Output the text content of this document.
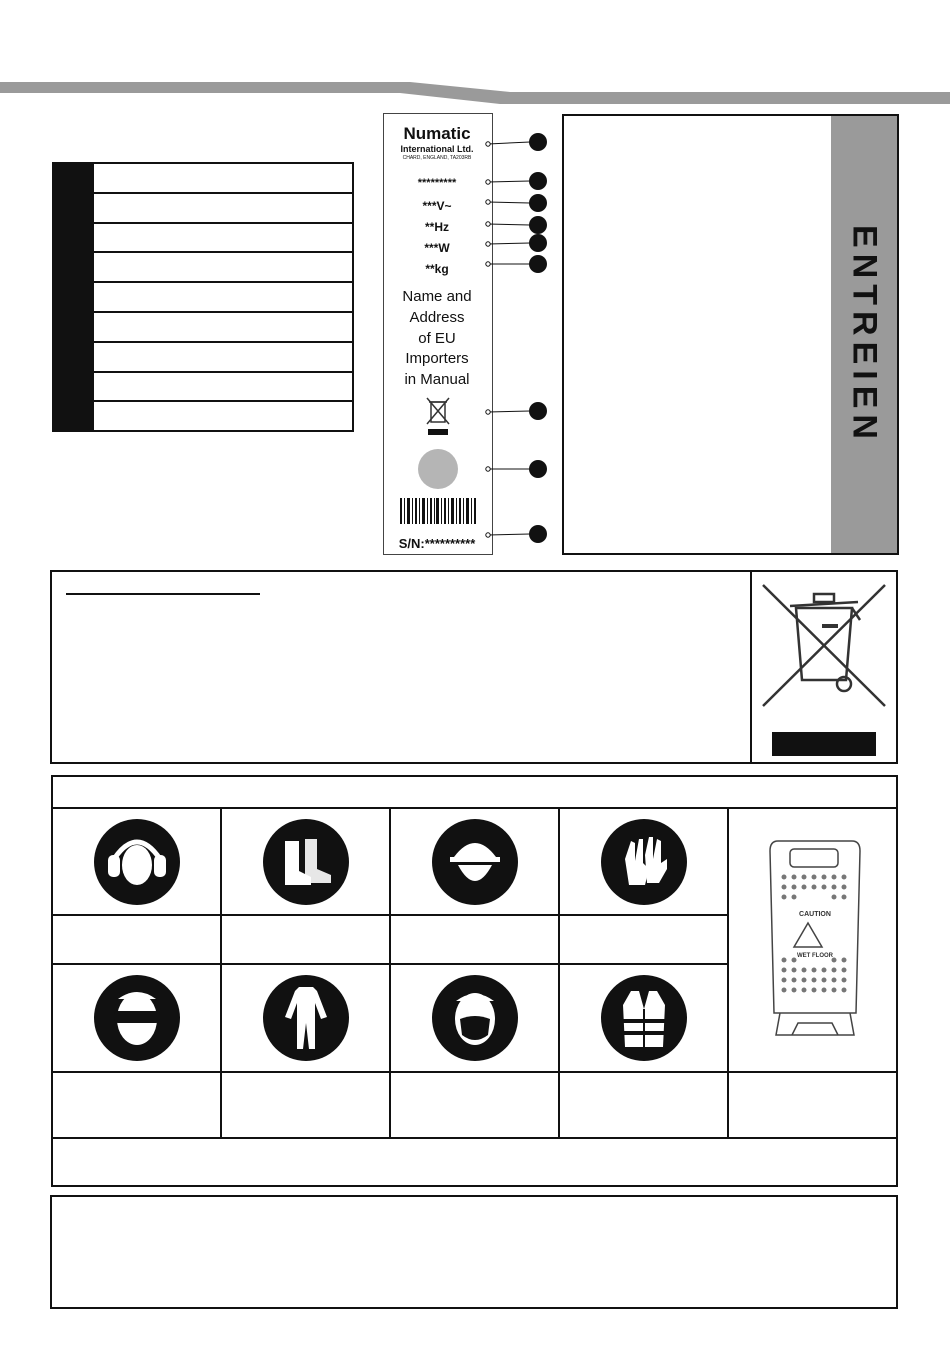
Numatic
International Ltd.
CHARD, ENGLAND, TA203RB
*********
***V~
**Hz
***W
**kg
Name and
Address
of EU
Importers
in Manual
S/N:**********
ENTREIEN
CAUTION
WET FLOOR
